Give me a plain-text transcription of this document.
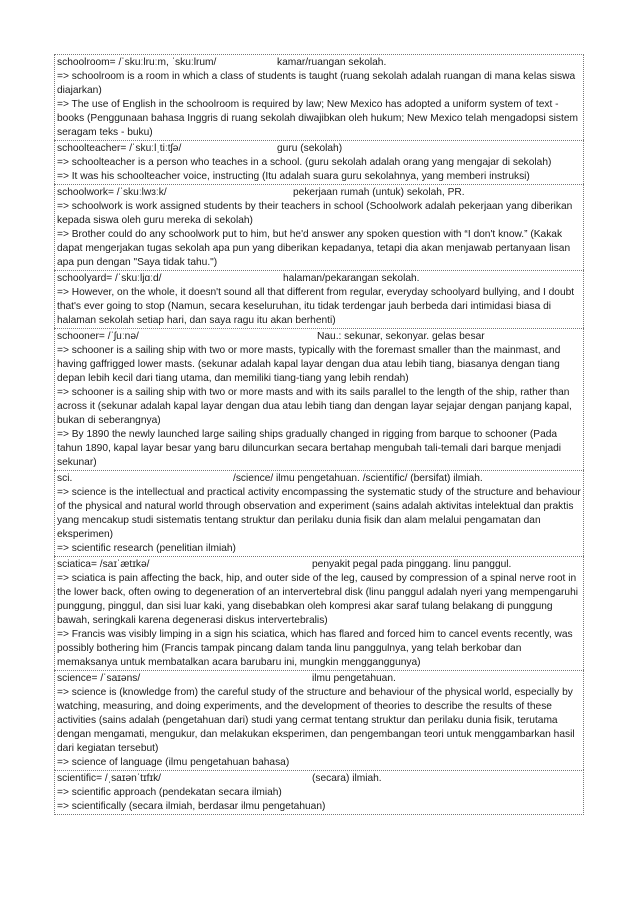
schoolroom= /ˈskuːlruːm, ˈskuːlrum/	kamar/ruangan sekolah.
=> schoolroom is a room in which a class of students is taught (ruang sekolah adalah ruangan di mana kelas siswa diajarkan)
=> The use of English in the schoolroom is required by law; New Mexico has adopted a uniform system of text - books (Penggunaan bahasa Inggris di ruang sekolah diwajibkan oleh hukum; New Mexico telah mengadopsi sistem seragam teks - buku)
schoolteacher= /ˈskuːlˌtiːtʃə/	guru (sekolah)
=> schoolteacher is a person who teaches in a school. (guru sekolah adalah orang yang mengajar di sekolah)
=> It was his schoolteacher voice, instructing (Itu adalah suara guru sekolahnya, yang memberi instruksi)
schoolwork= /ˈskuːlwɜːk/	pekerjaan rumah (untuk) sekolah, PR.
=> schoolwork is work assigned students by their teachers in school (Schoolwork adalah pekerjaan yang diberikan kepada siswa oleh guru mereka di sekolah)
=> Brother could do any schoolwork put to him, but he'd answer any spoken question with “I don't know.” (Kakak dapat mengerjakan tugas sekolah apa pun yang diberikan kepadanya, tetapi dia akan menjawab pertanyaan lisan apa pun dengan "Saya tidak tahu.")
schoolyard= /ˈskuːljɑːd/	halaman/pekarangan sekolah.
=> However, on the whole, it doesn't sound all that different from regular, everyday schoolyard bullying, and I doubt that's ever going to stop (Namun, secara keseluruhan, itu tidak terdengar jauh berbeda dari intimidasi biasa di halaman sekolah setiap hari, dan saya ragu itu akan berhenti)
schooner= /ˈʃuːnə/	Nau.: sekunar, sekonyar. gelas besar
=> schooner is a sailing ship with two or more masts, typically with the foremast smaller than the mainmast, and having gaffrigged lower masts. (sekunar adalah kapal layar dengan dua atau lebih tiang, biasanya dengan tiang depan lebih kecil dari tiang utama, dan memiliki tiang-tiang yang lebih rendah)
=> schooner is a sailing ship with two or more masts and with its sails parallel to the length of the ship, rather than across it (sekunar adalah kapal layar dengan dua atau lebih tiang dan dengan layar sejajar dengan panjang kapal, bukan di seberangnya)
=> By 1890 the newly launched large sailing ships gradually changed in rigging from barque to schooner (Pada tahun 1890, kapal layar besar yang baru diluncurkan secara bertahap mengubah tali-temali dari barque menjadi sekunar)
sci.	/science/ ilmu pengetahuan. /scientific/ (bersifat) ilmiah.
=> science is the intellectual and practical activity encompassing the systematic study of the structure and behaviour of the physical and natural world through observation and experiment (sains adalah aktivitas intelektual dan praktis yang mencakup studi sistematis tentang struktur dan perilaku dunia fisik dan alam melalui pengamatan dan eksperimen)
=> scientific research (penelitian ilmiah)
sciatica= /saɪˈætɪkə/	penyakit pegal pada pinggang. linu panggul.
=> sciatica is pain affecting the back, hip, and outer side of the leg, caused by compression of a spinal nerve root in the lower back, often owing to degeneration of an intervertebral disk (linu panggul adalah nyeri yang mempengaruhi punggung, pinggul, dan sisi luar kaki, yang disebabkan oleh kompresi akar saraf tulang belakang di punggung bawah, seringkali karena degenerasi diskus intervertebralis)
=> Francis was visibly limping in a sign his sciatica, which has flared and forced him to cancel events recently, was possibly bothering him (Francis tampak pincang dalam tanda linu panggulnya, yang telah berkobar dan memaksanya untuk membatalkan acara barubaru ini, mungkin mengganggunya)
science= /ˈsaɪəns/	ilmu pengetahuan.
=> science is (knowledge from) the careful study of the structure and behaviour of the physical world, especially by watching, measuring, and doing experiments, and the development of theories to describe the results of these activities (sains adalah (pengetahuan dari) studi yang cermat tentang struktur dan perilaku dunia fisik, terutama dengan mengamati, mengukur, dan melakukan eksperimen, dan pengembangan teori untuk menggambarkan hasil dari kegiatan tersebut)
=> science of language (ilmu pengetahuan bahasa)
scientific= /ˌsaɪənˈtɪfɪk/	(secara) ilmiah.
=> scientific approach (pendekatan secara ilmiah)
=> scientifically (secara ilmiah, berdasar ilmu pengetahuan)
